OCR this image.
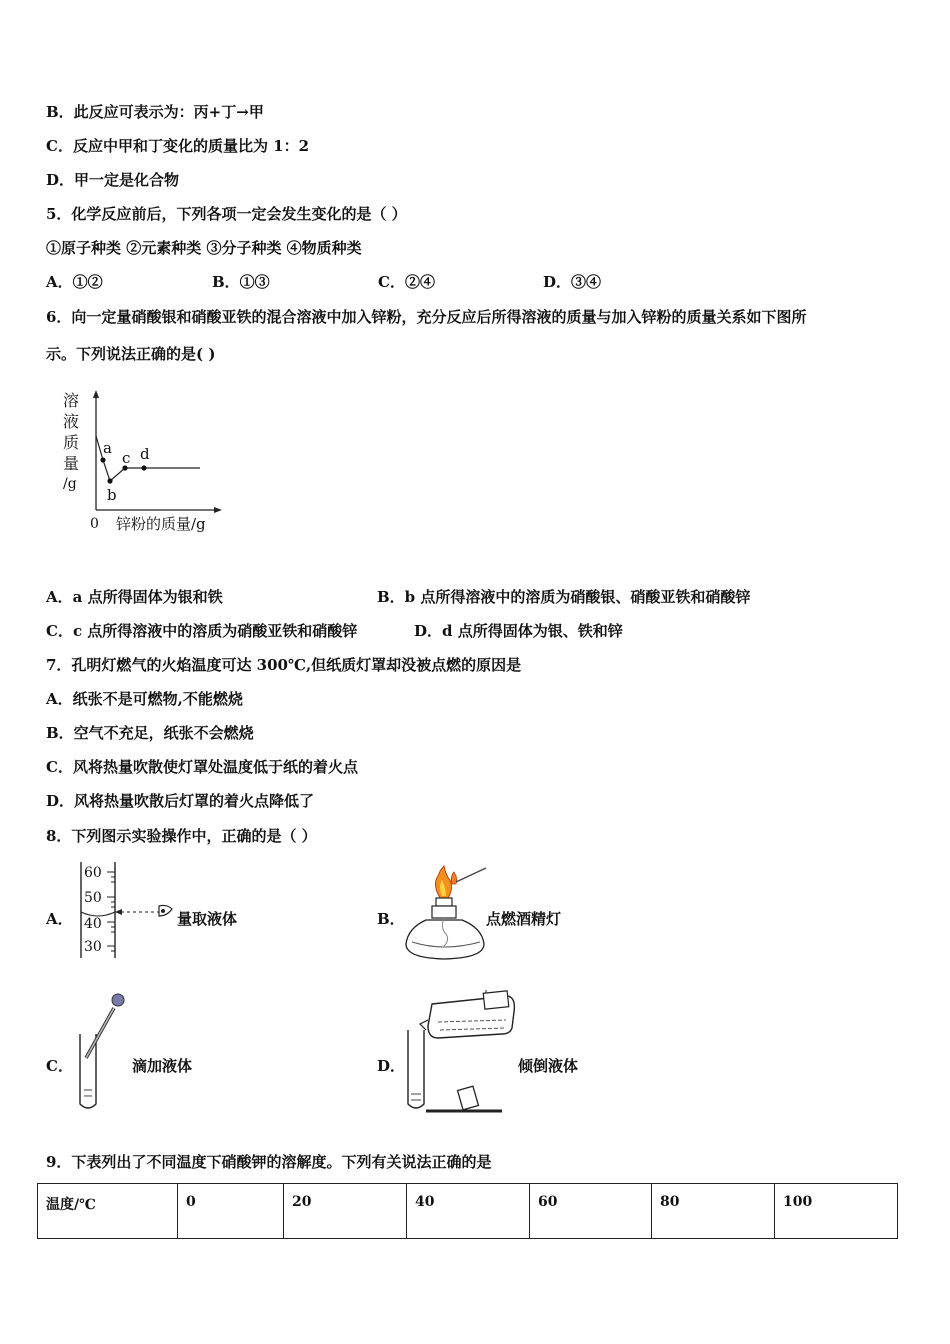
B．此反应可表示为：丙+丁→甲
C．反应中甲和丁变化的质量比为 1：2
D．甲一定是化合物
5．化学反应前后，下列各项一定会发生变化的是（ ）
①原子种类 ②元素种类 ③分子种类 ④物质种类
A．①②	B．①③	C．②④	D．③④
6．向一定量硝酸银和硝酸亚铁的混合溶液中加入锌粉，充分反应后所得溶液的质量与加入锌粉的质量关系如下图所
示。下列说法正确的是( )
溶
液
质
量
/g
a
b
c d
0 锌粉的质量/g
A．a 点所得固体为银和铁	B．b 点所得溶液中的溶质为硝酸银、硝酸亚铁和硝酸锌
C．c 点所得溶液中的溶质为硝酸亚铁和硝酸锌	D．d 点所得固体为银、铁和锌
7．孔明灯燃气的火焰温度可达 300℃,但纸质灯罩却没被点燃的原因是
A．纸张不是可燃物,不能燃烧
B．空气不充足，纸张不会燃烧
C．风将热量吹散使灯罩处温度低于纸的着火点
D．风将热量吹散后灯罩的着火点降低了
8．下列图示实验操作中，正确的是（ ）
A．
60
50
40
30
量取液体	B．	点燃酒精灯
C．	滴加液体	D．	倾倒液体
9．下表列出了不同温度下硝酸钾的溶解度。下列有关说法正确的是
温度/℃	0	20	40	60	80	100
